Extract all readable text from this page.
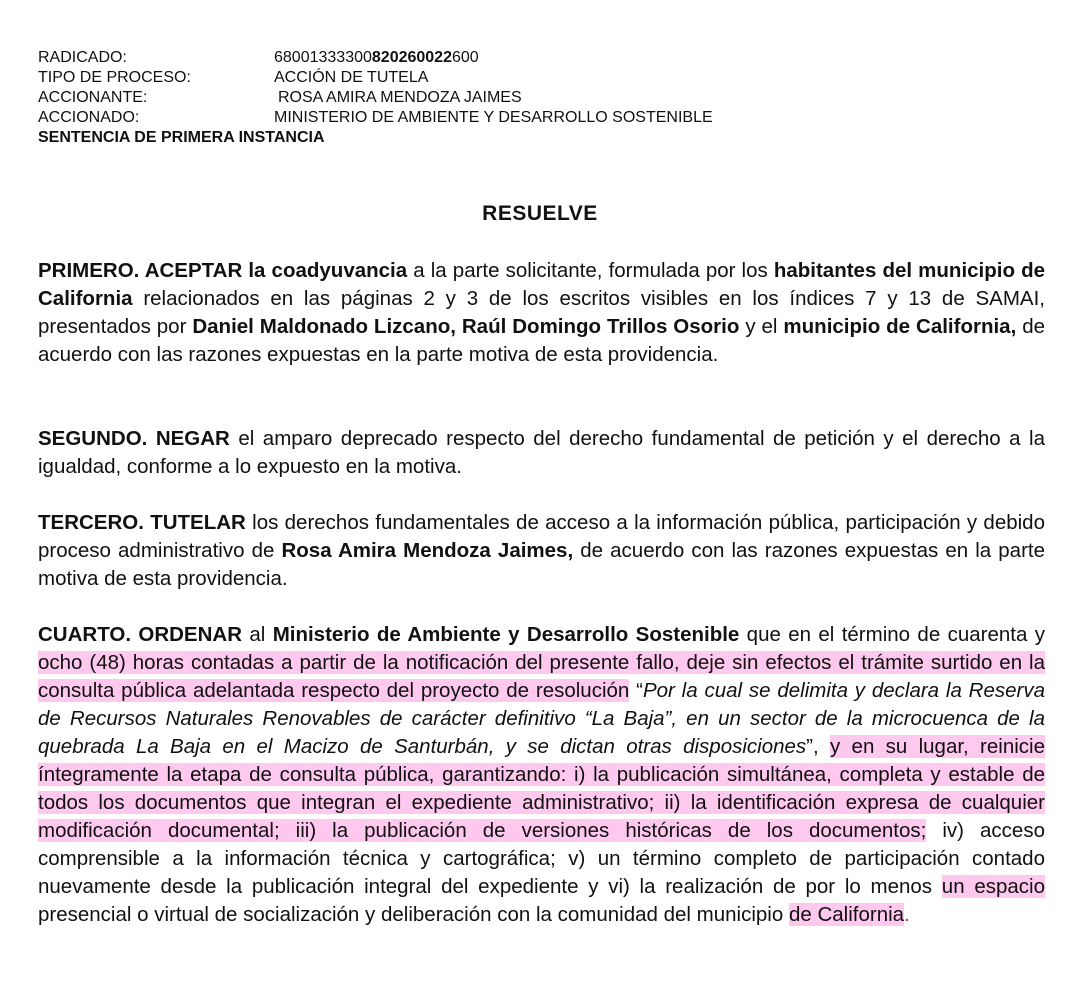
RADICADO:	68001333300820260022600
TIPO DE PROCESO:	ACCIÓN DE TUTELA
ACCIONANTE:	ROSA AMIRA MENDOZA JAIMES
ACCIONADO:	MINISTERIO DE AMBIENTE Y DESARROLLO SOSTENIBLE
SENTENCIA DE PRIMERA INSTANCIA
RESUELVE
PRIMERO. ACEPTAR la coadyuvancia a la parte solicitante, formulada por los habitantes del municipio de California relacionados en las páginas 2 y 3 de los escritos visibles en los índices 7 y 13 de SAMAI, presentados por Daniel Maldonado Lizcano, Raúl Domingo Trillos Osorio y el municipio de California, de acuerdo con las razones expuestas en la parte motiva de esta providencia.
SEGUNDO. NEGAR el amparo deprecado respecto del derecho fundamental de petición y el derecho a la igualdad, conforme a lo expuesto en la motiva.
TERCERO. TUTELAR los derechos fundamentales de acceso a la información pública, participación y debido proceso administrativo de Rosa Amira Mendoza Jaimes, de acuerdo con las razones expuestas en la parte motiva de esta providencia.
CUARTO. ORDENAR al Ministerio de Ambiente y Desarrollo Sostenible que en el término de cuarenta y ocho (48) horas contadas a partir de la notificación del presente fallo, deje sin efectos el trámite surtido en la consulta pública adelantada respecto del proyecto de resolución “Por la cual se delimita y declara la Reserva de Recursos Naturales Renovables de carácter definitivo “La Baja”, en un sector de la microcuenca de la quebrada La Baja en el Macizo de Santurbán, y se dictan otras disposiciones”, y en su lugar, reinicie íntegramente la etapa de consulta pública, garantizando: i) la publicación simultánea, completa y estable de todos los documentos que integran el expediente administrativo; ii) la identificación expresa de cualquier modificación documental; iii) la publicación de versiones históricas de los documentos; iv) acceso comprensible a la información técnica y cartográfica; v) un término completo de participación contado nuevamente desde la publicación integral del expediente y vi) la realización de por lo menos un espacio presencial o virtual de socialización y deliberación con la comunidad del municipio de California.
